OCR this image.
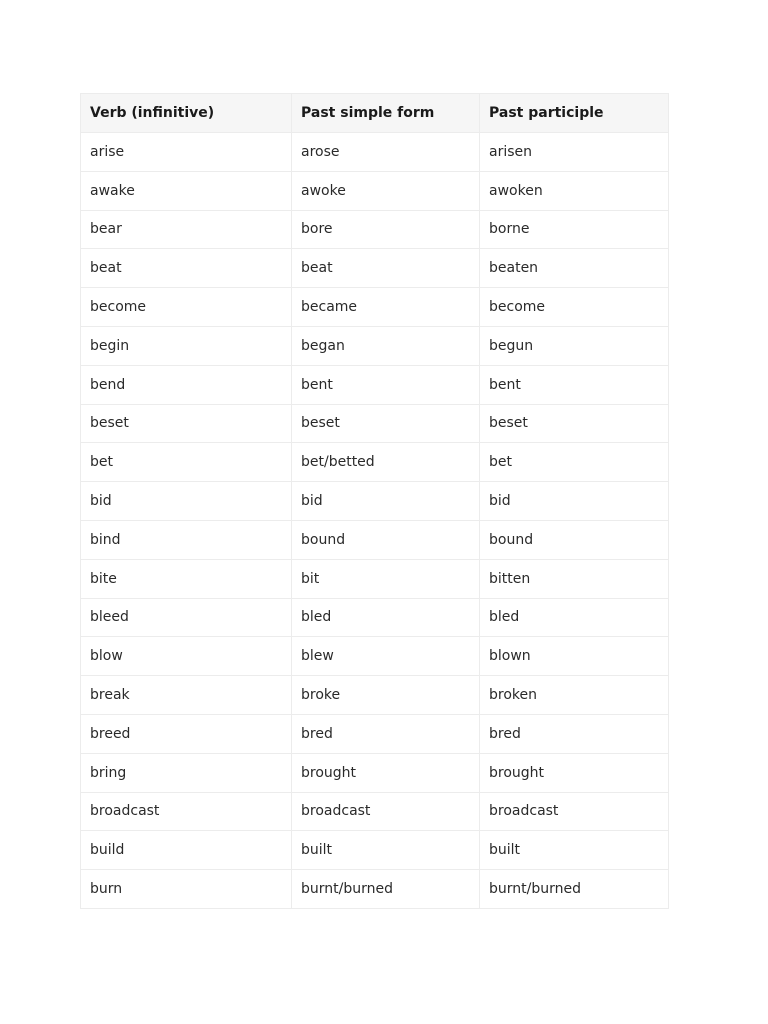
Verb (infinitive)	Past simple form	Past participle
arise	arose	arisen
awake	awoke	awoken
bear	bore	borne
beat	beat	beaten
become	became	become
begin	began	begun
bend	bent	bent
beset	beset	beset
bet	bet/betted	bet
bid	bid	bid
bind	bound	bound
bite	bit	bitten
bleed	bled	bled
blow	blew	blown
break	broke	broken
breed	bred	bred
bring	brought	brought
broadcast	broadcast	broadcast
build	built	built
burn	burnt/burned	burnt/burned
